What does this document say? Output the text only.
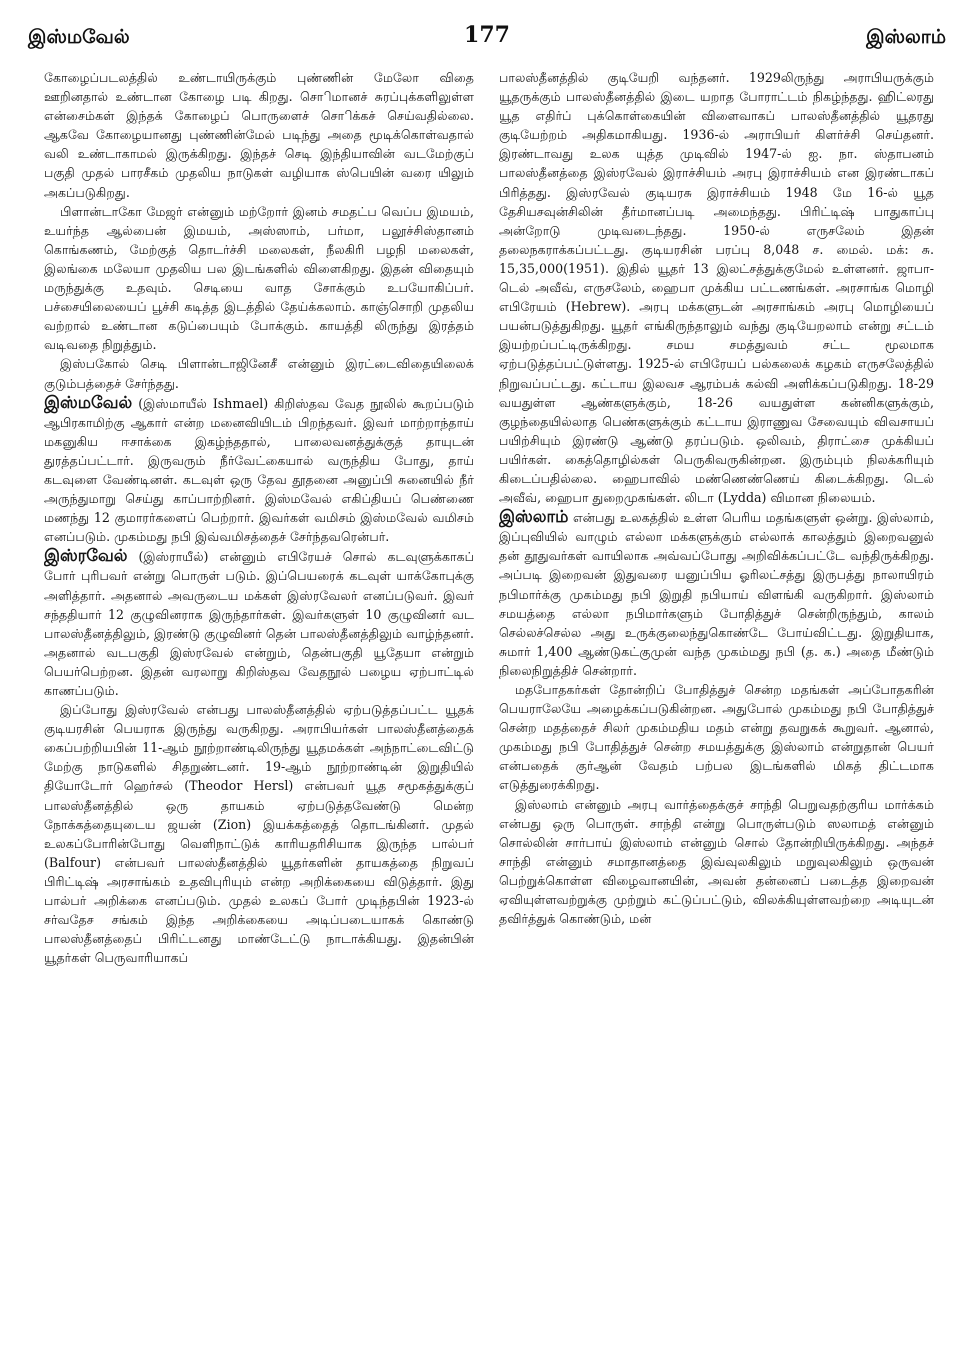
இஸ்மவேல்	177	இஸ்லாம்

கோழைப்படலத்தில் உண்டாயிருக்கும் புண்ணின் மேலோ விதை ஊறினதால் உண்டான கோழை படி கிறது. சொிமானச் சுரப்புக்களிலுள்ள என்சைம்கள் இந்தக் கோழைப் பொருளைச் சொிக்கச் செய்வதில்லை. ஆகவே கோழையானது புண்ணின்மேல் படிந்து அதை மூடிக்கொள்வதால் வலி உண்டாகாமல் இருக்கிறது. இந்தச் செடி இந்தியாவின் வடமேற்குப் பகுதி முதல் பாரசீகம் முதலிய நாடுகள் வழியாக ஸ்பெயின் வரை யிலும் அகப்படுகிறது.

பிளான்டாகோ மேஜர் என்னும் மற்றோர் இனம் சமதட்ப வெப்ப இமயம், உயர்ந்த ஆல்பைன் இமயம், அஸ்ஸாம், பர்மா, பலூச்சிஸ்தானம் கொங்கணம், மேற்குத் தொடர்ச்சி மலைகள், நீலகிரி பழநி மலைகள், இலங்கை மலேயா முதலிய பல இடங்களில் விளைகிறது. இதன் விதையும் மருந்துக்கு உதவும். செடியை வாத சோக்கும் உபயோகிப்பர். பச்சையிலையைப் பூச்சி கடித்த இடத்தில் தேய்க்கலாம். காஞ்சொறி முதலிய வற்றால் உண்டான கடுப்பையும் போக்கும். காயத்தி லிருந்து இரத்தம் வடிவதை நிறுத்தும்.

இஸ்பகோல் செடி பிளான்டாஜினேசீ என்னும் இரட்டைவிதையிலைக் குடும்பத்தைச் சேர்ந்தது.

இஸ்மவேல் (இஸ்மாயீல் Ishmael) கிறிஸ்தவ வேத நூலில் கூறப்படும் ஆபிரகாமிற்கு ஆகார் என்ற மனைவியிடம் பிறந்தவர். இவர் மாற்றாந்தாய் மகனுகிய ஈசாக்கை இகழ்ந்ததால், பாலைவனத்துக்குத் தாயுடன் துரத்தப்பட்டார். இருவரும் நீர்வேட்கையால் வருந்திய போது, தாய் கடவுளை வேண்டினள். கடவுள் ஒரு தேவ தூதனை அனுப்பி சுனையில் நீர் அருந்துமாறு செய்து காப்பாற்றினர். இஸ்மவேல் எகிப்தியப் பெண்ணை மணந்து 12 குமாரர்களைப் பெற்றார். இவர்கள் வமிசம் இஸ்மவேல் வமிசம் எனப்படும். முகம்மது நபி இவ்வமிசத்தைச் சேர்ந்தவரென்பர்.

இஸ்ரவேல் (இஸ்ராயீல்) என்னும் எபிரேயச் சொல் கடவுளுக்காகப் போர் புரிபவர் என்று பொருள் படும். இப்பெயரைக் கடவுள் யாக்கோபுக்கு அளித்தார். அதனால் அவருடைய மக்கள் இஸ்ரவேலர் எனப்படுவர். இவர் சந்ததியார் 12 குழுவினராக இருந்தார்கள். இவர்களுள் 10 குழுவினர் வட பாலஸ்தீனத்திலும், இரண்டு குழுவினர் தென் பாலஸ்தீனத்திலும் வாழ்ந்தனர். அதனால் வடபகுதி இஸ்ரவேல் என்றும், தென்பகுதி யூதேயா என்றும் பெயர்பெற்றன. இதன் வரலாறு கிறிஸ்தவ வேதநூல் பழைய ஏற்பாட்டில் காணப்படும்.

இப்போது இஸ்ரவேல் என்பது பாலஸ்தீனத்தில் ஏற்படுத்தப்பட்ட யூதக் குடியரசின் பெயராக இருந்து வருகிறது. அராபியர்கள் பாலஸ்தீனத்தைக் கைப்பற்றியபின் 11-ஆம் நூற்றாண்டிலிருந்து யூதமக்கள் அந்நாட்டைவிட்டு மேற்கு நாடுகளில் சிதறுண்டனர். 19-ஆம் நூற்றாண்டின் இறுதியில் தியோடோர் ஹெர்சல் (Theodor Hersl) என்பவர் யூத சமூகத்துக்குப் பாலஸ்தீனத்தில் ஒரு தாயகம் ஏற்படுத்தவேண்டு மென்ற நோக்கத்தையுடைய ஜயன் (Zion) இயக்கத்தைத் தொடங்கினர். முதல் உலகப்போரின்போது வெளிநாட்டுக் காரியதரிசியாக இருந்த பால்பர் (Balfour) என்பவர் பாலஸ்தீனத்தில் யூதர்களின் தாயகத்தை நிறுவப் பிரிட்டிஷ் அரசாங்கம் உதவிபுரியும் என்ற அறிக்கையை விடுத்தார். இது பால்பர் அறிக்கை எனப்படும். முதல் உலகப் போர் முடிந்தபின் 1923-ல் சர்வதேச சங்கம் இந்த அறிக்கையை அடிப்படையாகக் கொண்டு பாலஸ்தீனத்தைப் பிரிட்டனது மாண்டேட்டு நாடாக்கியது. இதன்பின் யூதர்கள் பெருவாரியாகப்

பாலஸ்தீனத்தில் குடியேறி வந்தனர். 1929லிருந்து அராபியருக்கும் யூதருக்கும் பாலஸ்தீனத்தில் இடை யறாத போராட்டம் நிகழ்ந்தது. ஹிட்லரது யூத எதிர்ப் புக்கொள்கையின் விளைவாகப் பாலஸ்தீனத்தில் யூதரது குடியேற்றம் அதிகமாகியது. 1936-ல் அராபியர் கிளர்ச்சி செய்தனர். இரண்டாவது உலக யுத்த முடிவில் 1947-ல் ஐ. நா. ஸ்தாபனம் பாலஸ்தீனத்தை இஸ்ரவேல் இராச்சியம் அரபு இராச்சியம் என இரண்டாகப் பிரித்தது. இஸ்ரவேல் குடியரசு இராச்சியம் 1948 மே 16-ல் யூத தேசியசவுன்சிலின் தீர்மானப்படி அமைந்தது. பிரிட்டிஷ் பாதுகாப்பு அன்றோடு முடிவடைந்தது. 1950-ல் எருசலேம் இதன் தலைநகராக்கப்பட்டது. குடியரசின் பரப்பு 8,048 ச. மைல். மக்: சு. 15,35,000(1951). இதில் யூதர் 13 இலட்சத்துக்குமேல் உள்ளனர். ஜாபா-டெல் அவீவ், எருசலேம், ஹைபா முக்கிய பட்டணங்கள். அரசாங்க மொழி எபிரேயம் (Hebrew). அரபு மக்களுடன் அரசாங்கம் அரபு மொழியைப் பயன்படுத்துகிறது. யூதர் எங்கிருந்தாலும் வந்து குடியேறலாம் என்று சட்டம் இயற்றப்பட்டிருக்கிறது. சமய சமத்துவம் சட்ட மூலமாக ஏற்படுத்தப்பட்டுள்ளது. 1925-ல் எபிரேயப் பல்கலைக் கழகம் எருசலேத்தில் நிறுவப்பட்டது. கட்டாய இலவச ஆரம்பக் கல்வி அளிக்கப்படுகிறது. 18-29 வயதுள்ள ஆண்களுக்கும், 18-26 வயதுள்ள கன்னிகளுக்கும், குழந்தையில்லாத பெண்களுக்கும் கட்டாய இராணுவ சேவையும் விவசாயப் பயிற்சியும் இரண்டு ஆண்டு தரப்படும். ஒலிவம், திராட்சை முக்கியப் பயிர்கள். கைத்தொழில்கள் பெருகிவருகின்றன. இரும்பும் நிலக்கரியும் கிடைப்பதில்லை. ஹைபாவில் மண்ணெண்ணெய் கிடைக்கிறது. டெல் அவீவ், ஹைபா துறைமுகங்கள். லிடா (Lydda) விமான நிலையம்.

இஸ்லாம் என்பது உலகத்தில் உள்ள பெரிய மதங்களுள் ஒன்று. இஸ்லாம், இப்புவியில் வாழும் எல்லா மக்களுக்கும் எல்லாக் காலத்தும் இறைவனுல் தன் தூதுவர்கள் வாயிலாக அவ்வப்போது அறிவிக்கப்பட்டே வந்திருக்கிறது. அப்படி இறைவன் இதுவரை யனுப்பிய ஓரிலட்சத்து இருபத்து நாலாயிரம் நபிமார்க்கு முகம்மது நபி இறுதி நபியாய் விளங்கி வருகிறார். இஸ்லாம் சமயத்தை எல்லா நபிமார்களும் போதித்துச் சென்றிருந்தும், காலம் செல்லச்செல்ல அது உருக்குலைந்துகொண்டே போய்விட்டது. இறுதியாக, சுமார் 1,400 ஆண்டுகட்குமுன் வந்த முகம்மது நபி (த. க.) அதை மீண்டும் நிலைநிறுத்திச் சென்றார்.

மதபோதகர்கள் தோன்றிப் போதித்துச் சென்ற மதங்கள் அப்போதகரின் பெயராலேயே அழைக்கப்படுகின்றன. அதுபோல் முகம்மது நபி போதித்துச் சென்ற மதத்தைச் சிலர் முகம்மதிய மதம் என்று தவறுகக் கூறுவர். ஆனால், முகம்மது நபி போதித்துச் சென்ற சமயத்துக்கு இஸ்லாம் என்றுதான் பெயர் என்பதைக் குர்ஆன் வேதம் பற்பல இடங்களில் மிகத் திட்டமாக எடுத்துரைக்கிறது.

இஸ்லாம் என்னும் அரபு வார்த்தைக்குச் சாந்தி பெறுவதற்குரிய மார்க்கம் என்பது ஒரு பொருள். சாந்தி என்று பொருள்படும் ஸலாமத் என்னும் சொல்லின் சார்பாய் இஸ்லாம் என்னும் சொல் தோன்றியிருக்கிறது. அந்தச் சாந்தி என்னும் சமாதானத்தை இவ்வுலகிலும் மறுவுலகிலும் ஒருவன் பெற்றுக்கொள்ள விழைவானயின், அவன் தன்னைப் படைத்த இறைவன் ஏவியுள்ளவற்றுக்கு முற்றும் கட்டுப்பட்டும், விலக்கியுள்ளவற்றை அடியுடன் தவிர்த்துக் கொண்டும், மன்
